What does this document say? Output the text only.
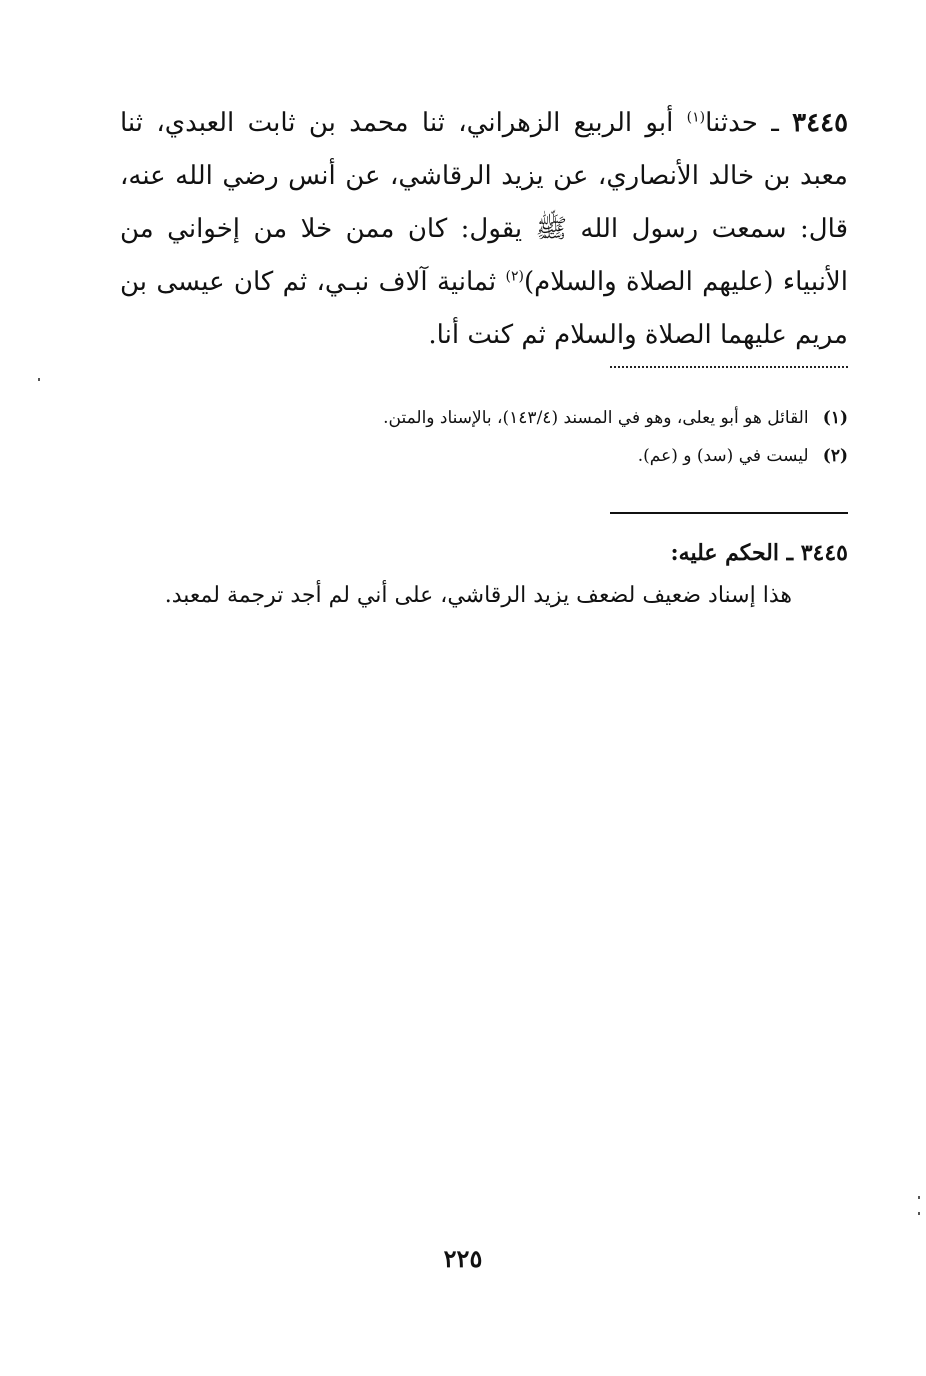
٣٤٤٥ ـ حدثنا$^{(١)}$ أبو الربيع الزهراني، ثنا محمد بن ثابت العبدي، ثنا معبد بن خالد الأنصاري، عن يزيد الرقاشي، عن أنس رضي الله عنه، قال: سمعت رسول الله ﷺ يقول: كان ممن خلا من إخواني من الأنبياء (عليهم الصلاة والسلام)$^{(٢)}$ ثمانية آلاف نبـي، ثم كان عيسى بن مريم عليهما الصلاة والسلام ثم كنت أنا.
(١) القائل هو أبو يعلى، وهو في المسند (١٤٣/٤)، بالإسناد والمتن.
(٢) ليست في (سد) و (عم).
٣٤٤٥ ـ الحكم عليه:
هذا إسناد ضعيف لضعف يزيد الرقاشي، على أني لم أجد ترجمة لمعبد.
٢٢٥
